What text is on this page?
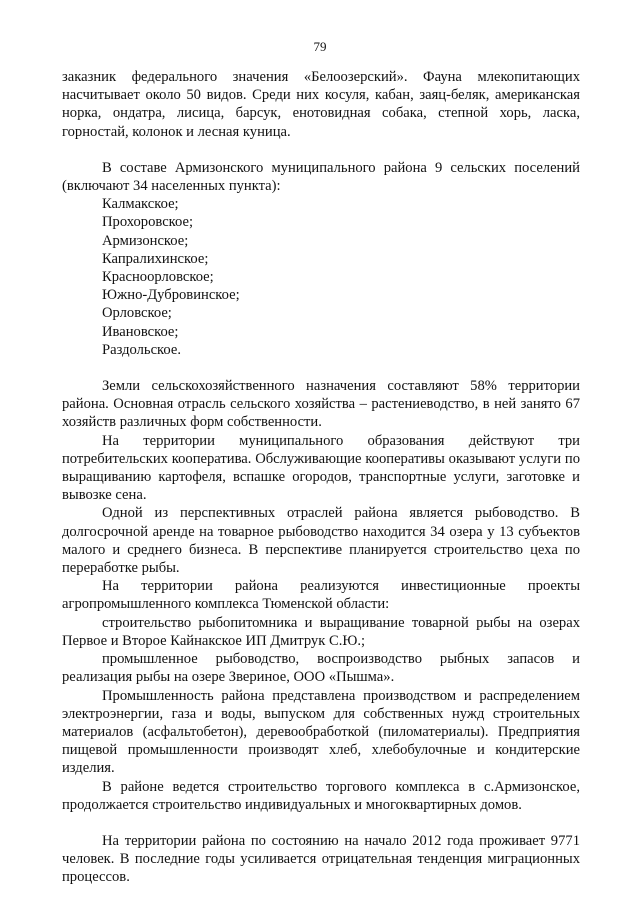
79

заказник федерального значения «Белоозерский». Фауна млекопитающих насчитывает около 50 видов. Среди них косуля, кабан, заяц-беляк, американская норка, ондатра, лисица, барсук, енотовидная собака, степной хорь, ласка, горностай, колонок и лесная куница.

В составе Армизонского муниципального района 9 сельских поселений (включают 34 населенных пункта):

Калмакское;
Прохоровское;
Армизонское;
Капралихинское;
Красноорловское;
Южно-Дубровинское;
Орловское;
Ивановское;
Раздольское.

Земли сельскохозяйственного назначения составляют 58% территории района. Основная отрасль сельского хозяйства – растениеводство, в ней занято 67 хозяйств различных форм собственности.

На территории муниципального образования действуют три потребительских кооператива. Обслуживающие кооперативы оказывают услуги по выращиванию картофеля, вспашке огородов, транспортные услуги, заготовке и вывозке сена.

Одной из перспективных отраслей района является рыбоводство. В долгосрочной аренде на товарное рыбоводство находится 34 озера у 13 субъектов малого и среднего бизнеса. В перспективе планируется строительство цеха по переработке рыбы.

На территории района реализуются инвестиционные проекты агропромышленного комплекса Тюменской области:

строительство рыбопитомника и выращивание товарной рыбы на озерах Первое и Второе Кайнакское ИП Дмитрук С.Ю.;

промышленное рыбоводство, воспроизводство рыбных запасов и реализация рыбы на озере Звериное, ООО «Пышма».

Промышленность района представлена производством и распределением электроэнергии, газа и воды, выпуском для собственных нужд строительных материалов (асфальтобетон), деревообработкой (пиломатериалы). Предприятия пищевой промышленности производят хлеб, хлебобулочные и кондитерские изделия.

В районе ведется строительство торгового комплекса в с.Армизонское, продолжается строительство индивидуальных и многоквартирных домов.

На территории района по состоянию на начало 2012 года проживает 9771 человек. В последние годы усиливается отрицательная тенденция миграционных процессов.
